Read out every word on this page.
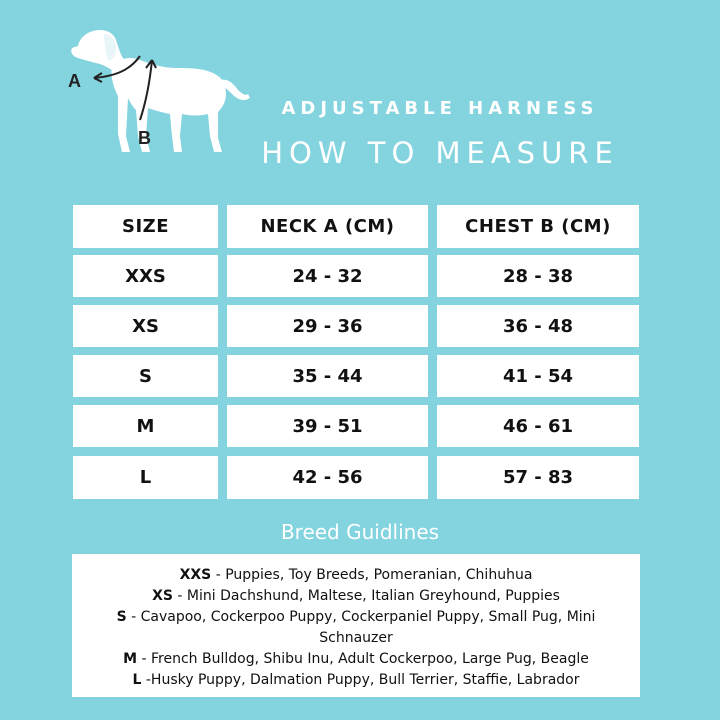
A
B
ADJUSTABLE HARNESS
HOW TO MEASURE
SIZE	NECK A (CM)	CHEST B (CM)
XXS	24 - 32	28 - 38
XS	29 - 36	36 - 48
S	35 - 44	41 - 54
M	39 - 51	46 - 61
L	42 - 56	57 - 83
Breed Guidlines
XXS - Puppies, Toy Breeds, Pomeranian, Chihuhua
XS - Mini Dachshund, Maltese, Italian Greyhound, Puppies
S - Cavapoo, Cockerpoo Puppy, Cockerpaniel Puppy, Small Pug, Mini Schnauzer
M - French Bulldog, Shibu Inu, Adult Cockerpoo, Large Pug, Beagle
L -Husky Puppy, Dalmation Puppy, Bull Terrier, Staffie, Labrador
